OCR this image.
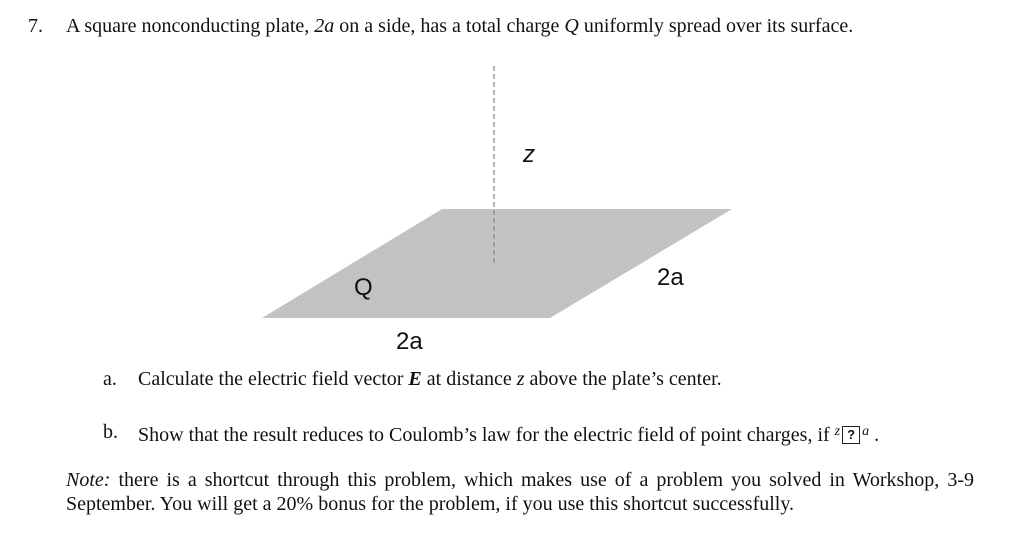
7. A square nonconducting plate, 2a on a side, has a total charge Q uniformly spread over its surface.
z
Q	2a
2a
a. Calculate the electric field vector E at distance z above the plate’s center.
b. Show that the result reduces to Coulomb’s law for the electric field of point charges, if $^z$ ? $^a$ .
Note: there is a shortcut through this problem, which makes use of a problem you solved in Workshop, 3-9 September. You will get a 20% bonus for the problem, if you use this shortcut successfully.
